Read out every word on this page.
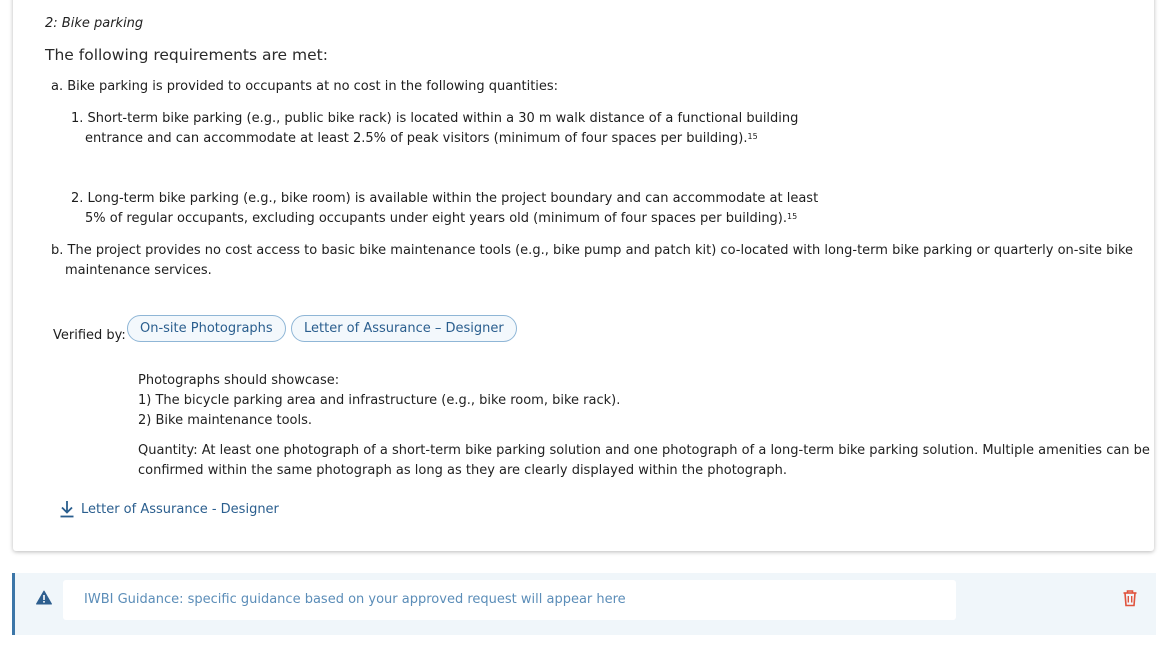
2: Bike parking
The following requirements are met:
a. Bike parking is provided to occupants at no cost in the following quantities:
1. Short-term bike parking (e.g., public bike rack) is located within a 30 m walk distance of a functional building
entrance and can accommodate at least 2.5% of peak visitors (minimum of four spaces per building).$^{15}$
2. Long-term bike parking (e.g., bike room) is available within the project boundary and can accommodate at least
5% of regular occupants, excluding occupants under eight years old (minimum of four spaces per building).$^{15}$
b. The project provides no cost access to basic bike maintenance tools (e.g., bike pump and patch kit) co-located with long-term bike parking or quarterly on-site bike
maintenance services.
Verified by:	On-site Photographs	Letter of Assurance – Designer
Photographs should showcase:
1) The bicycle parking area and infrastructure (e.g., bike room, bike rack).
2) Bike maintenance tools.
Quantity: At least one photograph of a short-term bike parking solution and one photograph of a long-term bike parking solution. Multiple amenities can be
confirmed within the same photograph as long as they are clearly displayed within the photograph.
Letter of Assurance - Designer
IWBI Guidance: specific guidance based on your approved request will appear here
